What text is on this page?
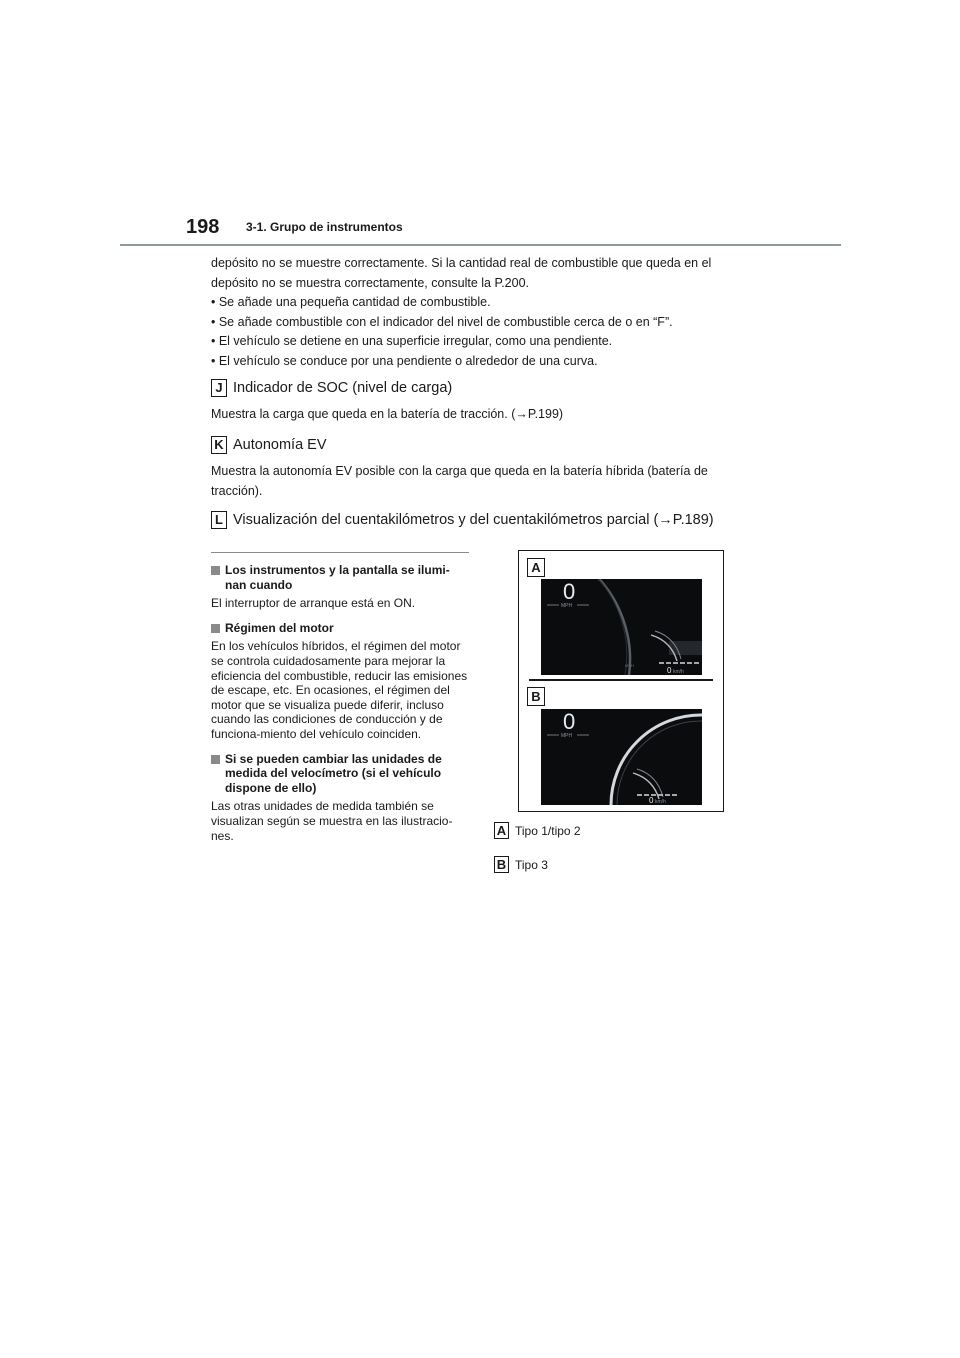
198 3-1. Grupo de instrumentos

depósito no se muestre correctamente. Si la cantidad real de combustible que queda en el depósito no se muestra correctamente, consulte la P.200.

• Se añade una pequeña cantidad de combustible.

• Se añade combustible con el indicador del nivel de combustible cerca de o en “F”.

• El vehículo se detiene en una superficie irregular, como una pendiente.

• El vehículo se conduce por una pendiente o alrededor de una curva.

J Indicador de SOC (nivel de carga)
Muestra la carga que queda en la batería de tracción. (→P.199)
K Autonomía EV
Muestra la autonomía EV posible con la carga que queda en la batería híbrida (batería de tracción).
L Visualización del cuentakilómetros y del cuentakilómetros parcial (→P.189)
Los instrumentos y la pantalla se ilumi-nan cuando
El interruptor de arranque está en ON.
Régimen del motor
En los vehículos híbridos, el régimen del motor se controla cuidadosamente para mejorar la eficiencia del combustible, reducir las emisiones de escape, etc. En ocasiones, el régimen del motor que se visualiza puede diferir, incluso cuando las condiciones de conducción y de funciona-miento del vehículo coinciden.
Si se pueden cambiar las unidades de medida del velocímetro (si el vehículo dispone de ello)
Las otras unidades de medida también se visualizan según se muestra en las ilustracio-nes.
A
0
MPH
MPH
0 km/h
B
0
MPH
0 km/h
A Tipo 1/tipo 2
B Tipo 3
